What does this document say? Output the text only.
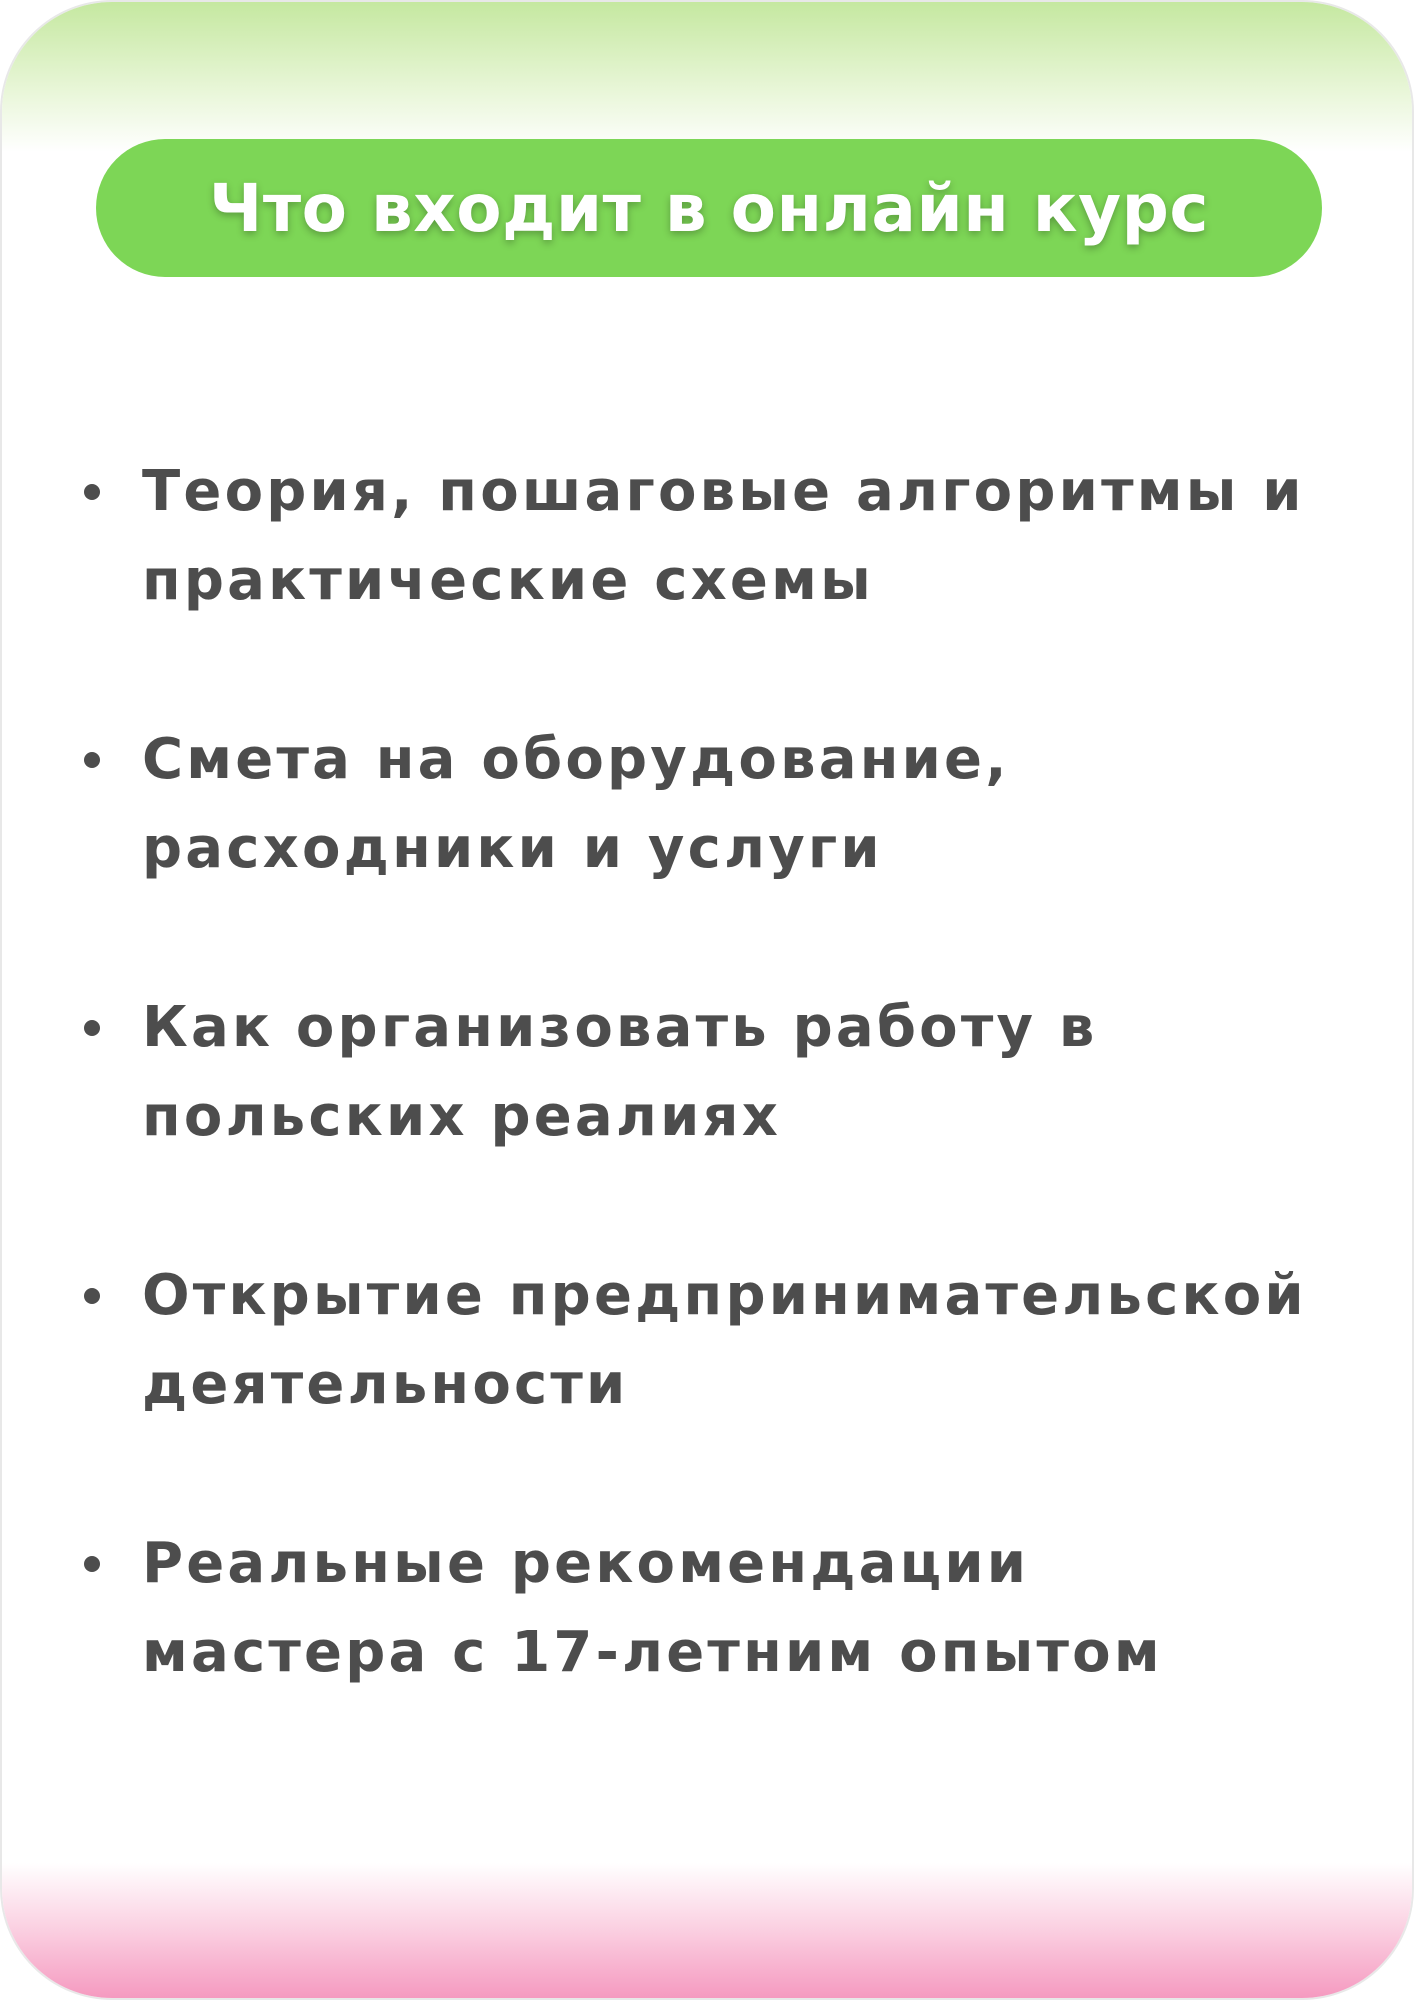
Что входит в онлайн курс
Теория, пошаговые алгоритмы и
практические схемы
Смета на оборудование,
расходники и услуги
Как организовать работу в
польских реалиях
Открытие предпринимательской
деятельности
Реальные рекомендации
мастера с 17-летним опытом
